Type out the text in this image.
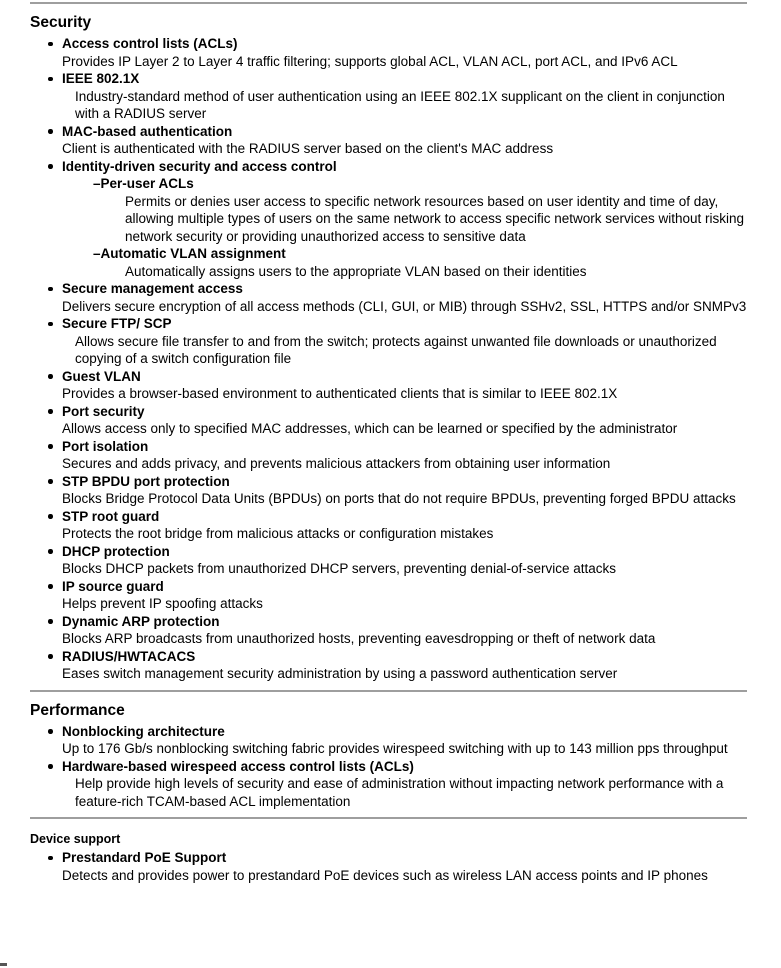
Security
Access control lists (ACLs)
Provides IP Layer 2 to Layer 4 traffic filtering; supports global ACL, VLAN ACL, port ACL, and IPv6 ACL
IEEE 802.1X
Industry-standard method of user authentication using an IEEE 802.1X supplicant on the client in conjunction with a RADIUS server
MAC-based authentication
Client is authenticated with the RADIUS server based on the client's MAC address
Identity-driven security and access control
–Per-user ACLs
Permits or denies user access to specific network resources based on user identity and time of day, allowing multiple types of users on the same network to access specific network services without risking network security or providing unauthorized access to sensitive data
–Automatic VLAN assignment
Automatically assigns users to the appropriate VLAN based on their identities
Secure management access
Delivers secure encryption of all access methods (CLI, GUI, or MIB) through SSHv2, SSL, HTTPS and/or SNMPv3
Secure FTP/ SCP
Allows secure file transfer to and from the switch; protects against unwanted file downloads or unauthorized copying of a switch configuration file
Guest VLAN
Provides a browser-based environment to authenticated clients that is similar to IEEE 802.1X
Port security
Allows access only to specified MAC addresses, which can be learned or specified by the administrator
Port isolation
Secures and adds privacy, and prevents malicious attackers from obtaining user information
STP BPDU port protection
Blocks Bridge Protocol Data Units (BPDUs) on ports that do not require BPDUs, preventing forged BPDU attacks
STP root guard
Protects the root bridge from malicious attacks or configuration mistakes
DHCP protection
Blocks DHCP packets from unauthorized DHCP servers, preventing denial-of-service attacks
IP source guard
Helps prevent IP spoofing attacks
Dynamic ARP protection
Blocks ARP broadcasts from unauthorized hosts, preventing eavesdropping or theft of network data
RADIUS/HWTACACS
Eases switch management security administration by using a password authentication server
Performance
Nonblocking architecture
Up to 176 Gb/s nonblocking switching fabric provides wirespeed switching with up to 143 million pps throughput
Hardware-based wirespeed access control lists (ACLs)
Help provide high levels of security and ease of administration without impacting network performance with a feature-rich TCAM-based ACL implementation
Device support
Prestandard PoE Support
Detects and provides power to prestandard PoE devices such as wireless LAN access points and IP phones
